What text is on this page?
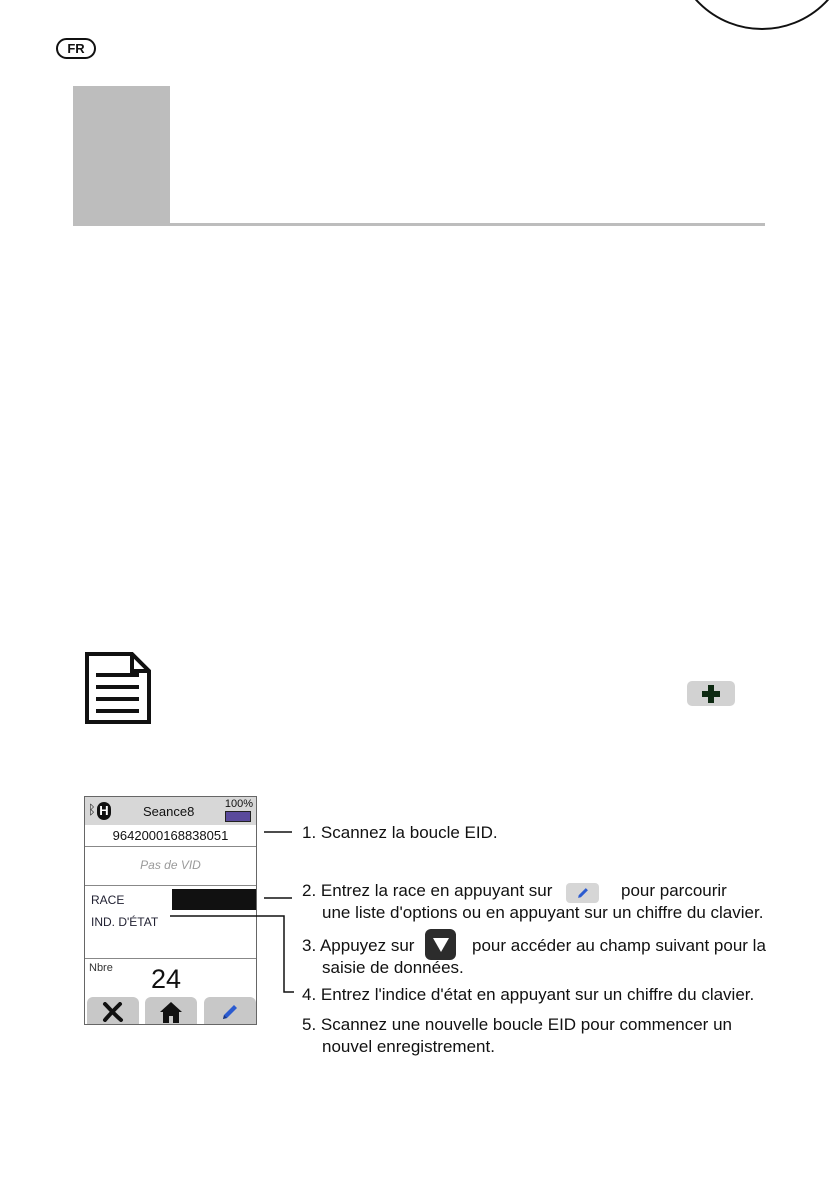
FR
ᛒ H	Seance8	100%
9642000168838051
Pas de VID
RACE
IND. D'ÉTAT
Nbre 24
1. Scannez la boucle EID.
2. Entrez la race en appuyant sur	pour parcourir
une liste d'options ou en appuyant sur un chiffre du clavier.
3. Appuyez sur	pour accéder au champ suivant pour la
saisie de données.
4. Entrez l'indice d'état en appuyant sur un chiffre du clavier.
5. Scannez une nouvelle boucle EID pour commencer un
nouvel enregistrement.
